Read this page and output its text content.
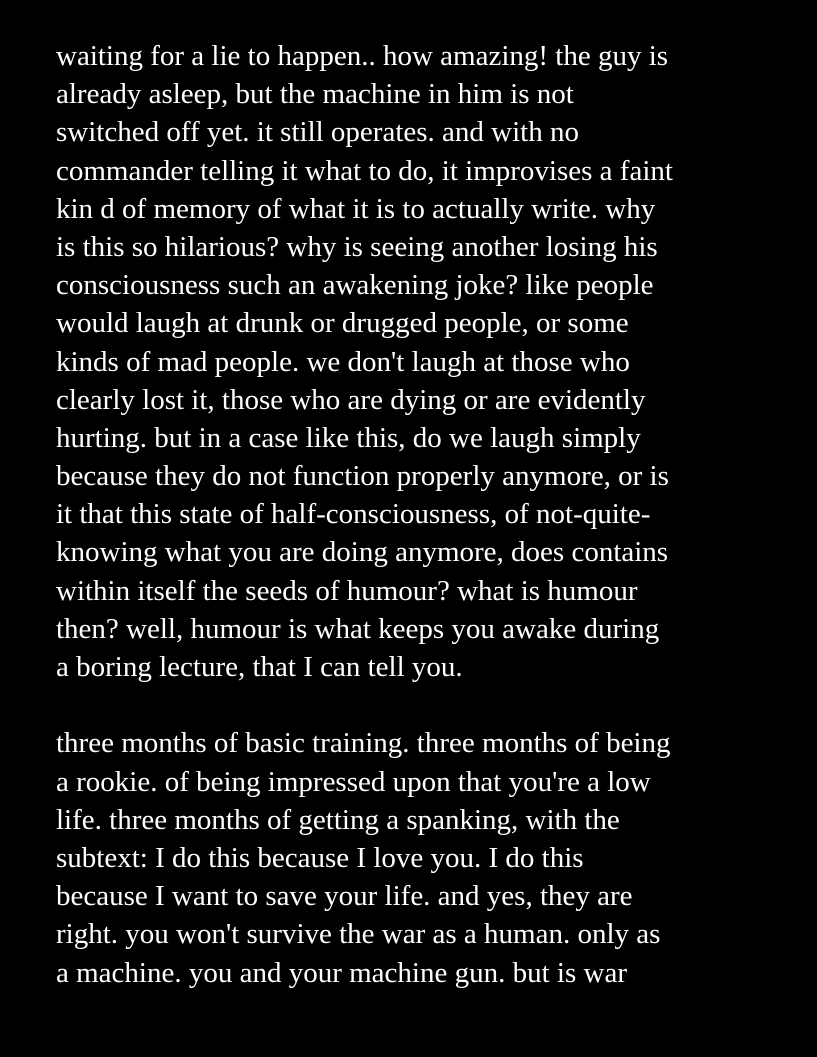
waiting for a lie to happen.. how amazing! the guy is
already asleep, but the machine in him is not
switched off yet. it still operates. and with no
commander telling it what to do, it improvises a faint
kin d of memory of what it is to actually write. why
is this so hilarious? why is seeing another losing his
consciousness such an awakening joke? like people
would laugh at drunk or drugged people, or some
kinds of mad people. we don't laugh at those who
clearly lost it, those who are dying or are evidently
hurting. but in a case like this, do we laugh simply
because they do not function properly anymore, or is
it that this state of half-consciousness, of not-quite-
knowing what you are doing anymore, does contains
within itself the seeds of humour? what is humour
then? well, humour is what keeps you awake during
a boring lecture, that I can tell you.
three months of basic training. three months of being
a rookie. of being impressed upon that you're a low
life. three months of getting a spanking, with the
subtext: I do this because I love you. I do this
because I want to save your life. and yes, they are
right. you won't survive the war as a human. only as
a machine. you and your machine gun. but is war
